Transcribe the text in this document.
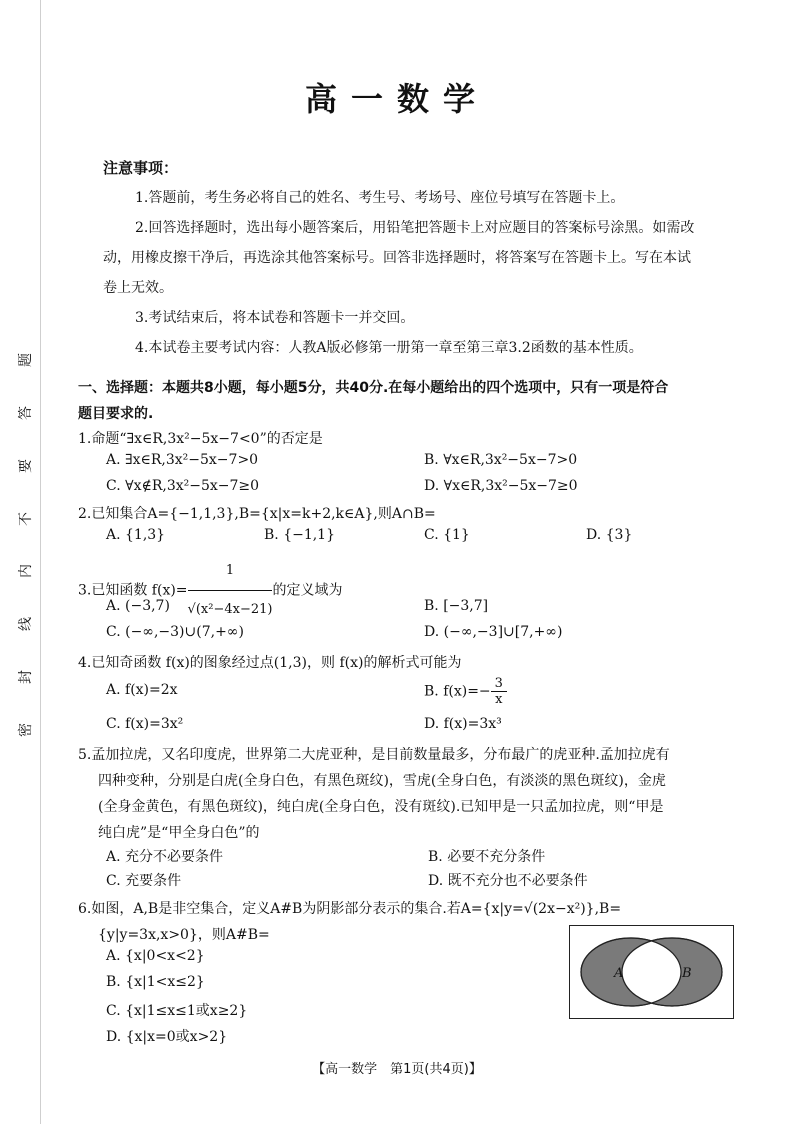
高一数学
注意事项：

1.答题前，考生务必将自己的姓名、考生号、考场号、座位号填写在答题卡上。

2.回答选择题时，选出每小题答案后，用铅笔把答题卡上对应题目的答案标号涂黑。如需改动，用橡皮擦干净后，再选涂其他答案标号。回答非选择题时，将答案写在答题卡上。写在本试卷上无效。

3.考试结束后，将本试卷和答题卡一并交回。

4.本试卷主要考试内容：人教A版必修第一册第一章至第三章3.2函数的基本性质。

题
答
要
不
内
线
封
密
一、选择题：本题共8小题，每小题5分，共40分.在每小题给出的四个选项中，只有一项是符合
题目要求的.
1.命题“∃x∈R,3x²−5x−7<0”的否定是
A. ∃x∈R,3x²−5x−7>0	B. ∀x∈R,3x²−5x−7>0
C. ∀x∉R,3x²−5x−7≥0	D. ∀x∈R,3x²−5x−7≥0
2.已知集合A={−1,1,3},B={x|x=k+2,k∈A},则A∩B=
A. {1,3}	B. {−1,1}	C. {1}	D. {3}
3.已知函数 $f(x)= \frac{1}{\text{√(x²−4x−21)}}$ 的定义域为
A. (−3,7)	B. [−3,7]
C. (−∞,−3)∪(7,+∞)	D. (−∞,−3]∪[7,+∞)
4.已知奇函数 f(x)的图象经过点(1,3)，则 f(x)的解析式可能为
A. f(x)=2x	B. $f(x)=- \frac{3}{x}$
C. f(x)=3x²	D. f(x)=3x³
5.孟加拉虎，又名印度虎，世界第二大虎亚种，是目前数量最多，分布最广的虎亚种.孟加拉虎有
四种变种，分别是白虎(全身白色，有黑色斑纹)，雪虎(全身白色，有淡淡的黑色斑纹)，金虎
(全身金黄色，有黑色斑纹)，纯白虎(全身白色，没有斑纹).已知甲是一只孟加拉虎，则“甲是
纯白虎”是“甲全身白色”的
A. 充分不必要条件	B. 必要不充分条件
C. 充要条件	D. 既不充分也不必要条件
6.如图，A,B是非空集合，定义A#B为阴影部分表示的集合.若A={x|y=√(2x−x²)},B=
{y|y=3x,x>0}，则A#B=
A. {x|0<x<2}
B. {x|1<x≤2}
C. {x|1≤x≤1或x≥2}
D. {x|x=0或x>2}
A	B
【高一数学　第1页(共4页)】
